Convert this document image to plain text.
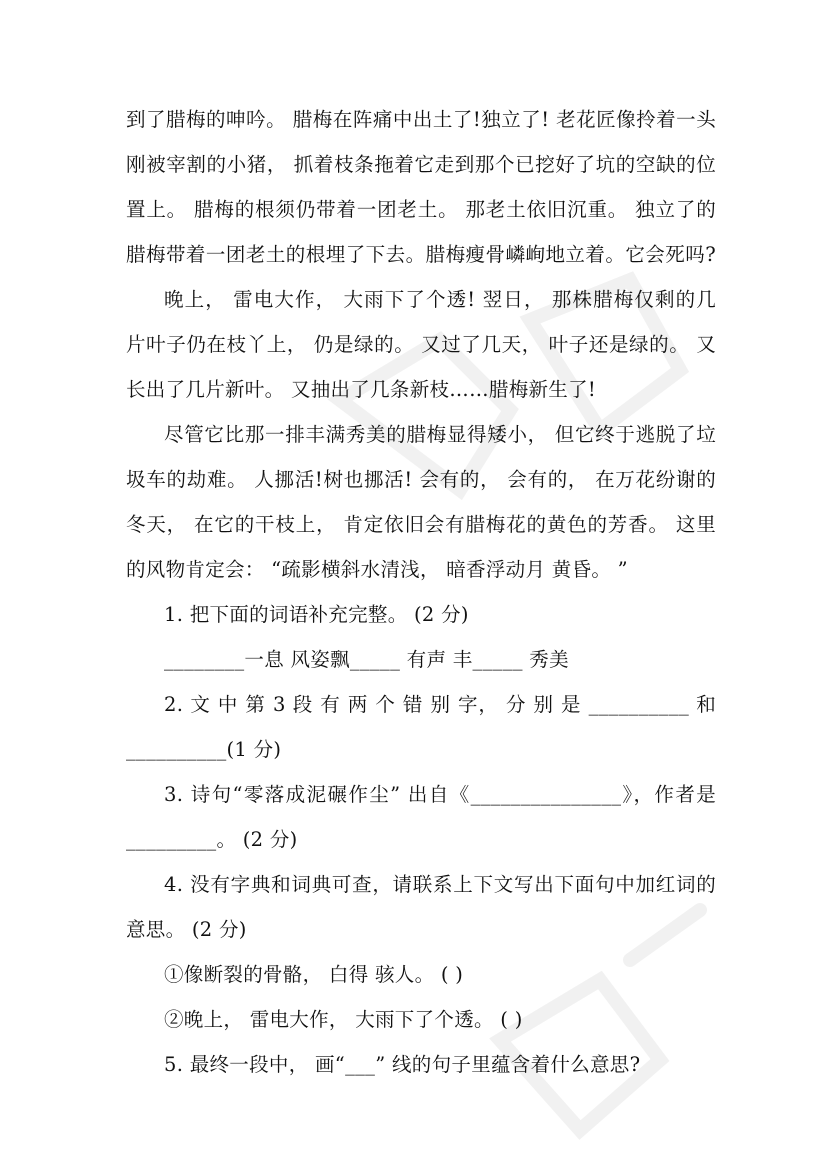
到了腊梅的呻吟。 腊梅在阵痛中出土了!独立了! 老花匠像拎着一头
刚被宰割的小猪， 抓着枝条拖着它走到那个已挖好了坑的空缺的位
置上。 腊梅的根须仍带着一团老土。 那老土依旧沉重。 独立了的
腊梅带着一团老土的根埋了下去。腊梅瘦骨嶙峋地立着。它会死吗?
晚上， 雷电大作， 大雨下了个透! 翌日， 那株腊梅仅剩的几
片叶子仍在枝丫上， 仍是绿的。 又过了几天， 叶子还是绿的。 又
长出了几片新叶。 又抽出了几条新枝……腊梅新生了!
尽管它比那一排丰满秀美的腊梅显得矮小， 但它终于逃脱了垃
圾车的劫难。 人挪活!树也挪活! 会有的， 会有的， 在万花纷谢的
冬天， 在它的干枝上， 肯定依旧会有腊梅花的黄色的芳香。 这里
的风物肯定会： “疏影横斜水清浅， 暗香浮动月 黄昏。 ”
1. 把下面的词语补充完整。 (2 分)
________一息 风姿飘_____ 有声 丰_____ 秀美
2. 文 中 第 3 段 有 两 个 错 别 字， 分 别 是 __________ 和
__________(1 分)
3. 诗句“零落成泥碾作尘” 出自《_______________》，作者是
_________。 (2 分)
4. 没有字典和词典可查，请联系上下文写出下面句中加红词的
意思。 (2 分)
①像断裂的骨骼， 白得 骇人。 ( )
②晚上， 雷电大作， 大雨下了个透。 ( )
5. 最终一段中， 画“___” 线的句子里蕴含着什么意思?
